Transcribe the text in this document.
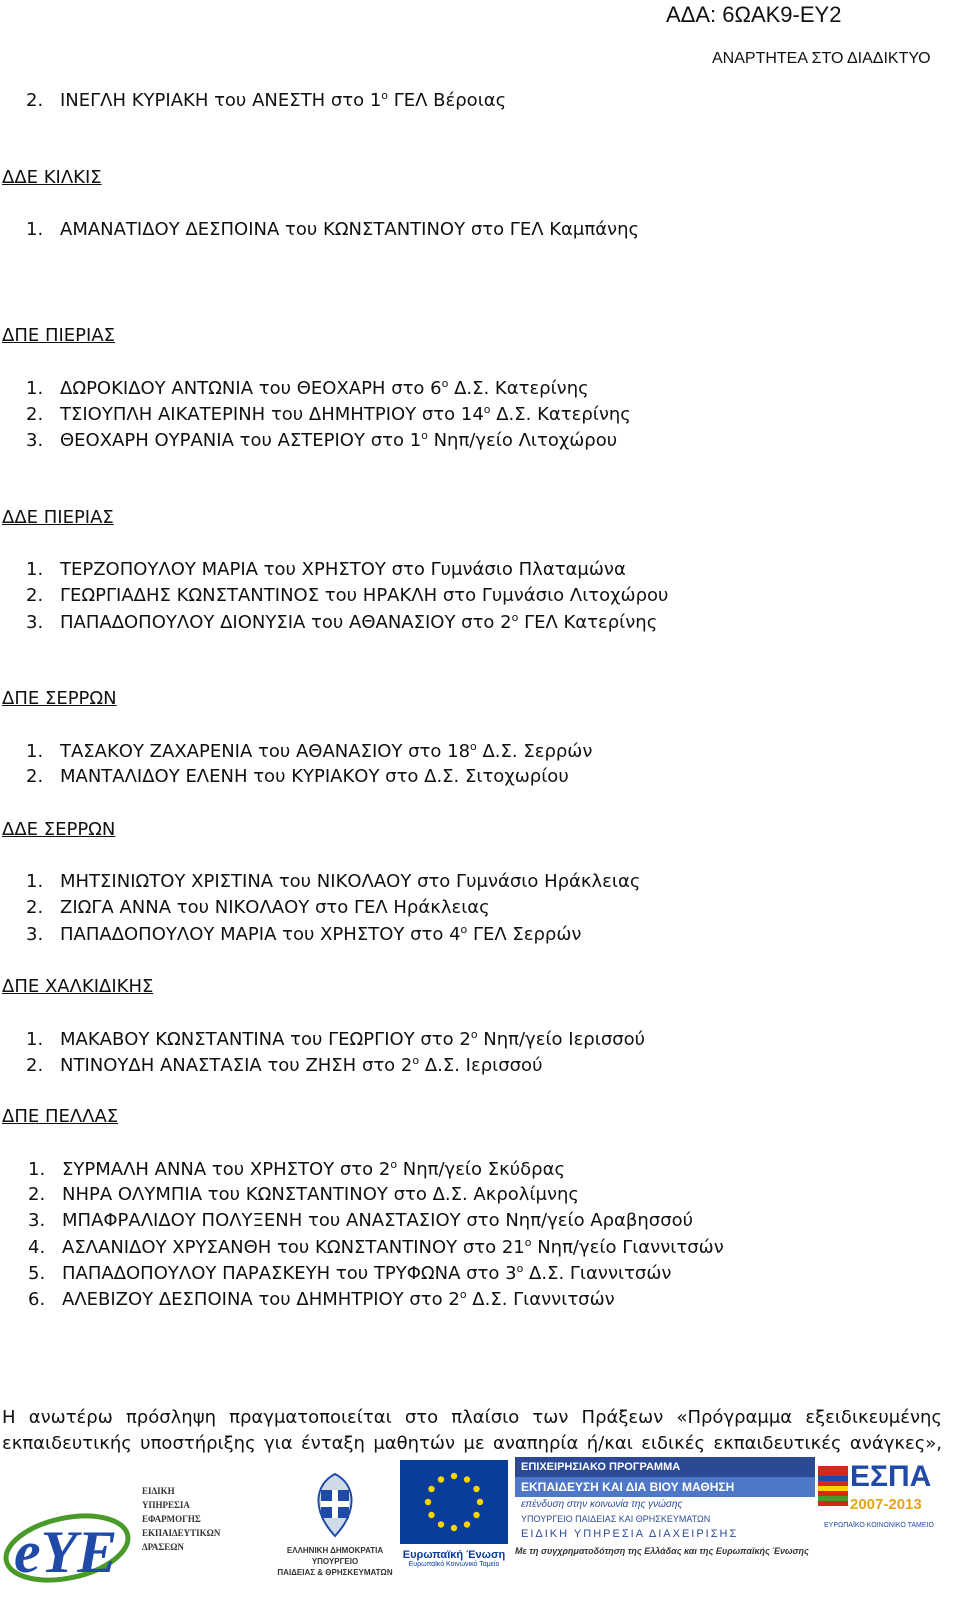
ΑΔΑ: 6ΩΑΚ9-ΕΥ2
ΑΝΑΡΤΗΤΕΑ ΣΤΟ ΔΙΑΔΙΚΤΥΟ
2. ΙΝΕΓΛΗ ΚΥΡΙΑΚΗ του ΑΝΕΣΤΗ στο $1^o$ ΓΕΛ Βέροιας
ΔΔΕ ΚΙΛΚΙΣ
1. ΑΜΑΝΑΤΙΔΟΥ ΔΕΣΠΟΙΝΑ του ΚΩΝΣΤΑΝΤΙΝΟΥ στο ΓΕΛ Καμπάνης
ΔΠΕ ΠΙΕΡΙΑΣ
1. ΔΩΡΟΚΙΔΟΥ ΑΝΤΩΝΙΑ του ΘΕΟΧΑΡΗ στο $6^o$ Δ.Σ. Κατερίνης
2. ΤΣΙΟΥΠΛΗ ΑΙΚΑΤΕΡΙΝΗ του ΔΗΜΗΤΡΙΟΥ στο $14^o$ Δ.Σ. Κατερίνης
3. ΘΕΟΧΑΡΗ ΟΥΡΑΝΙΑ του ΑΣΤΕΡΙΟΥ στο $1^o$ Νηπ/γείο Λιτοχώρου
ΔΔΕ ΠΙΕΡΙΑΣ
1. ΤΕΡΖΟΠΟΥΛΟΥ ΜΑΡΙΑ του ΧΡΗΣΤΟΥ στο Γυμνάσιο Πλαταμώνα
2. ΓΕΩΡΓΙΑΔΗΣ ΚΩΝΣΤΑΝΤΙΝΟΣ του ΗΡΑΚΛΗ στο Γυμνάσιο Λιτοχώρου
3. ΠΑΠΑΔΟΠΟΥΛΟΥ ΔΙΟΝΥΣΙΑ του ΑΘΑΝΑΣΙΟΥ στο $2^o$ ΓΕΛ Κατερίνης
ΔΠΕ ΣΕΡΡΩΝ
1. ΤΑΣΑΚΟΥ ΖΑΧΑΡΕΝΙΑ του ΑΘΑΝΑΣΙΟΥ στο $18^o$ Δ.Σ. Σερρών
2. ΜΑΝΤΑΛΙΔΟΥ ΕΛΕΝΗ του ΚΥΡΙΑΚΟΥ στο Δ.Σ. Σιτοχωρίου
ΔΔΕ ΣΕΡΡΩΝ
1. ΜΗΤΣΙΝΙΩΤΟΥ ΧΡΙΣΤΙΝΑ του ΝΙΚΟΛΑΟΥ στο Γυμνάσιο Ηράκλειας
2. ΖΙΩΓΑ ΑΝΝΑ του ΝΙΚΟΛΑΟΥ στο ΓΕΛ Ηράκλειας
3. ΠΑΠΑΔΟΠΟΥΛΟΥ ΜΑΡΙΑ του ΧΡΗΣΤΟΥ στο $4^o$ ΓΕΛ Σερρών
ΔΠΕ ΧΑΛΚΙΔΙΚΗΣ
1. ΜΑΚΑΒΟΥ ΚΩΝΣΤΑΝΤΙΝΑ του ΓΕΩΡΓΙΟΥ στο $2^o$ Νηπ/γείο Ιερισσού
2. ΝΤΙΝΟΥΔΗ ΑΝΑΣΤΑΣΙΑ του ΖΗΣΗ στο $2^o$ Δ.Σ. Ιερισσού
ΔΠΕ ΠΕΛΛΑΣ
1. ΣΥΡΜΑΛΗ ΑΝΝΑ του ΧΡΗΣΤΟΥ στο $2^o$ Νηπ/γείο Σκύδρας
2. ΝΗΡΑ ΟΛΥΜΠΙΑ του ΚΩΝΣΤΑΝΤΙΝΟΥ στο Δ.Σ. Ακρολίμνης
3. ΜΠΑΦΡΑΛΙΔΟΥ ΠΟΛΥΞΕΝΗ του ΑΝΑΣΤΑΣΙΟΥ στο Νηπ/γείο Αραβησσού
4. ΑΣΛΑΝΙΔΟΥ ΧΡΥΣΑΝΘΗ του ΚΩΝΣΤΑΝΤΙΝΟΥ στο $21^o$ Νηπ/γείο Γιαννιτσών
5. ΠΑΠΑΔΟΠΟΥΛΟΥ ΠΑΡΑΣΚΕΥΗ του ΤΡΥΦΩΝΑ στο $3^o$ Δ.Σ. Γιαννιτσών
6. ΑΛΕΒΙΖΟΥ ΔΕΣΠΟΙΝΑ του ΔΗΜΗΤΡΙΟΥ στο $2^o$ Δ.Σ. Γιαννιτσών
Η ανωτέρω πρόσληψη πραγματοποιείται στο πλαίσιο των Πράξεων «Πρόγραμμα εξειδικευμένης εκπαιδευτικής υποστήριξης για ένταξη μαθητών με αναπηρία ή/και ειδικές εκπαιδευτικές ανάγκες»,
eYE
ΕΙΔΙΚΗ
ΥΠΗΡΕΣΙΑ
ΕΦΑΡΜΟΓΗΣ
ΕΚΠΑΙΔΕΥΤΙΚΩΝ
ΔΡΑΣΕΩΝ	ΕΛΛΗΝΙΚΗ ΔΗΜΟΚΡΑΤΙΑ
ΥΠΟΥΡΓΕΙΟ
ΠΑΙΔΕΙΑΣ & ΘΡΗΣΚΕΥΜΑΤΩΝ
Ευρωπαϊκή Ένωση
Ευρωπαϊκό Κοινωνικό Ταμείο
ΕΠΙΧΕΙΡΗΣΙΑΚΟ ΠΡΟΓΡΑΜΜΑ
ΕΚΠΑΙΔΕΥΣΗ ΚΑΙ ΔΙΑ ΒΙΟΥ ΜΑΘΗΣΗ
επένδυση στην κοινωνία της γνώσης
ΥΠΟΥΡΓΕΙΟ ΠΑΙΔΕΙΑΣ ΚΑΙ ΘΡΗΣΚΕΥΜΑΤΩΝ
ΕΙΔΙΚΗ ΥΠΗΡΕΣΙΑ ΔΙΑΧΕΙΡΙΣΗΣ
Με τη συγχρηματοδότηση της Ελλάδας και της Ευρωπαϊκής Ένωσης
ΕΣΠΑ
2007-2013
ΕΥΡΩΠΑΪΚΟ ΚΟΙΝΩΝΙΚΟ ΤΑΜΕΙΟ
